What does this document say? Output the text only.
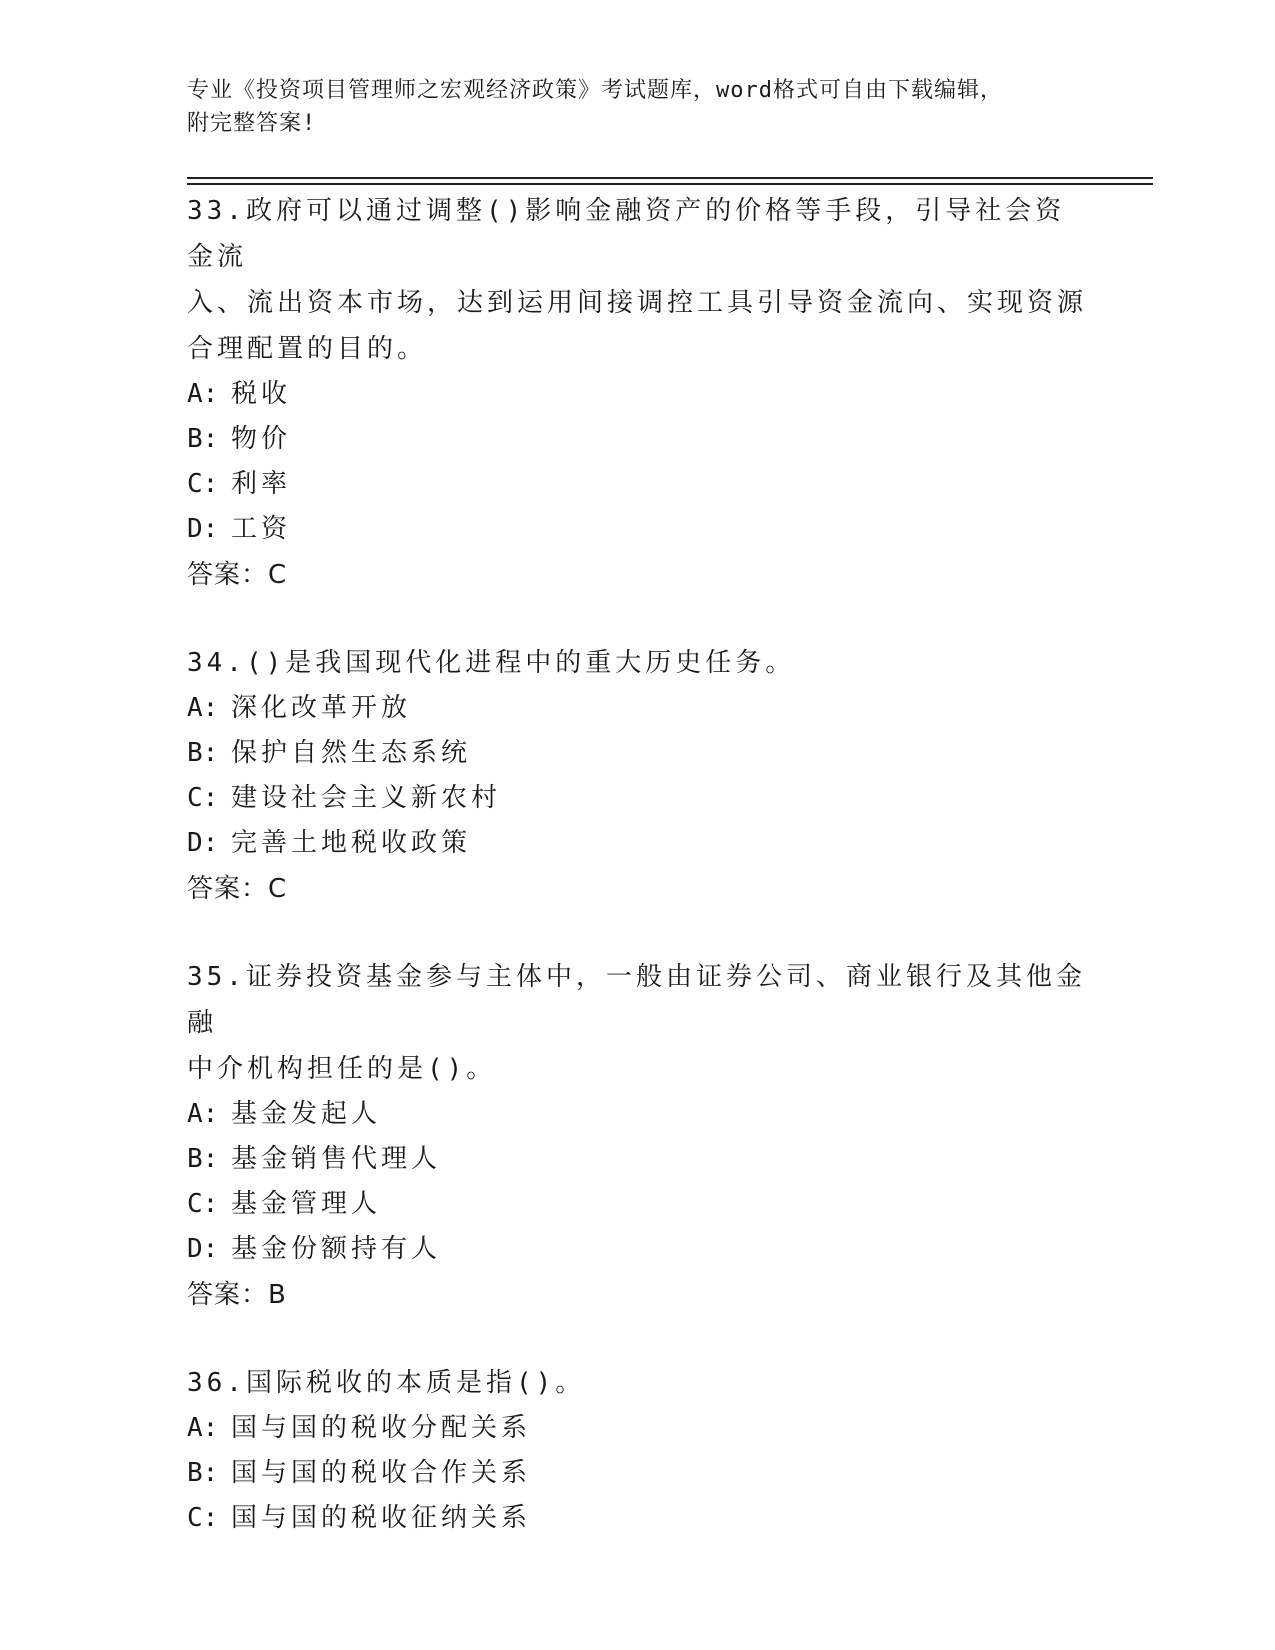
专业《投资项目管理师之宏观经济政策》考试题库，word格式可自由下载编辑，
附完整答案!
33.政府可以通过调整()影响金融资产的价格等手段，引导社会资金流
入、流出资本市场，达到运用间接调控工具引导资金流向、实现资源
合理配置的目的。
A: 税收
B: 物价
C: 利率
D: 工资
答案：C
34.()是我国现代化进程中的重大历史任务。
A: 深化改革开放
B: 保护自然生态系统
C: 建设社会主义新农村
D: 完善土地税收政策
答案：C
35.证券投资基金参与主体中，一般由证券公司、商业银行及其他金融
中介机构担任的是()。
A: 基金发起人
B: 基金销售代理人
C: 基金管理人
D: 基金份额持有人
答案：B
36.国际税收的本质是指()。
A: 国与国的税收分配关系
B: 国与国的税收合作关系
C: 国与国的税收征纳关系
